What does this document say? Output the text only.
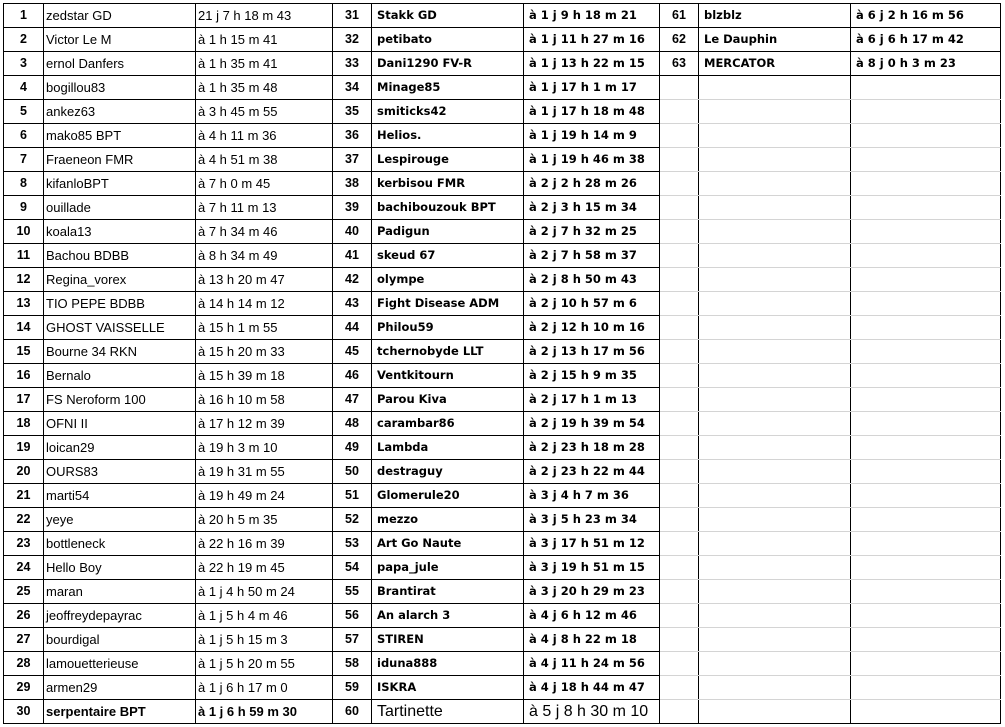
1	zedstar GD	21 j 7 h 18 m 43	31	Stakk GD	à 1 j 9 h 18 m 21	61	blzblz	à 6 j 2 h 16 m 56
2	Victor Le M	à 1 h 15 m 41	32	petibato	à 1 j 11 h 27 m 16	62	Le Dauphin	à 6 j 6 h 17 m 42
3	ernol Danfers	à 1 h 35 m 41	33	Dani1290 FV-R	à 1 j 13 h 22 m 15	63	MERCATOR	à 8 j 0 h 3 m 23
4	bogillou83	à 1 h 35 m 48	34	Minage85	à 1 j 17 h 1 m 17			
5	ankez63	à 3 h 45 m 55	35	smiticks42	à 1 j 17 h 18 m 48			
6	mako85 BPT	à 4 h 11 m 36	36	Helios.	à 1 j 19 h 14 m 9			
7	Fraeneon FMR	à 4 h 51 m 38	37	Lespirouge	à 1 j 19 h 46 m 38			
8	kifanloBPT	à 7 h 0 m 45	38	kerbisou FMR	à 2 j 2 h 28 m 26			
9	ouillade	à 7 h 11 m 13	39	bachibouzouk BPT	à 2 j 3 h 15 m 34			
10	koala13	à 7 h 34 m 46	40	Padigun	à 2 j 7 h 32 m 25			
11	Bachou BDBB	à 8 h 34 m 49	41	skeud 67	à 2 j 7 h 58 m 37			
12	Regina_vorex	à 13 h 20 m 47	42	olympe	à 2 j 8 h 50 m 43			
13	TIO PEPE BDBB	à 14 h 14 m 12	43	Fight Disease ADM	à 2 j 10 h 57 m 6			
14	GHOST VAISSELLE	à 15 h 1 m 55	44	Philou59	à 2 j 12 h 10 m 16			
15	Bourne 34 RKN	à 15 h 20 m 33	45	tchernobyde LLT	à 2 j 13 h 17 m 56			
16	Bernalo	à 15 h 39 m 18	46	Ventkitourn	à 2 j 15 h 9 m 35			
17	FS Neroform 100	à 16 h 10 m 58	47	Parou Kiva	à 2 j 17 h 1 m 13			
18	OFNI II	à 17 h 12 m 39	48	carambar86	à 2 j 19 h 39 m 54			
19	loican29	à 19 h 3 m 10	49	Lambda	à 2 j 23 h 18 m 28			
20	OURS83	à 19 h 31 m 55	50	destraguy	à 2 j 23 h 22 m 44			
21	marti54	à 19 h 49 m 24	51	Glomerule20	à 3 j 4 h 7 m 36			
22	yeye	à 20 h 5 m 35	52	mezzo	à 3 j 5 h 23 m 34			
23	bottleneck	à 22 h 16 m 39	53	Art Go Naute	à 3 j 17 h 51 m 12			
24	Hello Boy	à 22 h 19 m 45	54	papa_jule	à 3 j 19 h 51 m 15			
25	maran	à 1 j 4 h 50 m 24	55	Brantirat	à 3 j 20 h 29 m 23			
26	jeoffreydepayrac	à 1 j 5 h 4 m 46	56	An alarch 3	à 4 j 6 h 12 m 46			
27	bourdigal	à 1 j 5 h 15 m 3	57	STIREN	à 4 j 8 h 22 m 18			
28	lamouetterieuse	à 1 j 5 h 20 m 55	58	iduna888	à 4 j 11 h 24 m 56			
29	armen29	à 1 j 6 h 17 m 0	59	ISKRA	à 4 j 18 h 44 m 47			
30	serpentaire BPT	à 1 j 6 h 59 m 30	60	Tartinette	à 5 j 8 h 30 m 10			
